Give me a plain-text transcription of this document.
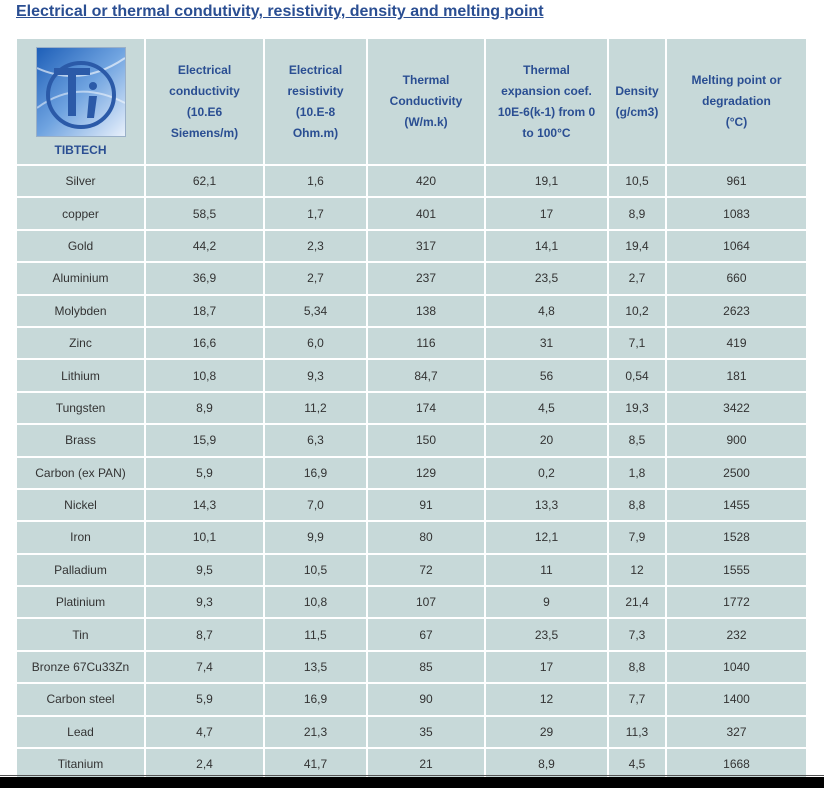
Electrical or thermal condutivity, resistivity, density and melting point
TIBTECH	Electrical
conductivity
(10.E6
Siemens/m)	Electrical
resistivity
(10.E-8
Ohm.m)	Thermal
Conductivity
(W/m.k)	Thermal
expansion coef.
10E-6(k-1) from 0
to 100°C	Density
(g/cm3)	Melting point or
degradation
(°C)

Silver	62,1	1,6	420	19,1	10,5	961
copper	58,5	1,7	401	17	8,9	1083
Gold	44,2	2,3	317	14,1	19,4	1064
Aluminium	36,9	2,7	237	23,5	2,7	660
Molybden	18,7	5,34	138	4,8	10,2	2623
Zinc	16,6	6,0	116	31	7,1	419
Lithium	10,8	9,3	84,7	56	0,54	181
Tungsten	8,9	11,2	174	4,5	19,3	3422
Brass	15,9	6,3	150	20	8,5	900
Carbon (ex PAN)	5,9	16,9	129	0,2	1,8	2500
Nickel	14,3	7,0	91	13,3	8,8	1455
Iron	10,1	9,9	80	12,1	7,9	1528
Palladium	9,5	10,5	72	11	12	1555
Platinium	9,3	10,8	107	9	21,4	1772
Tin	8,7	11,5	67	23,5	7,3	232
Bronze 67Cu33Zn	7,4	13,5	85	17	8,8	1040
Carbon steel	5,9	16,9	90	12	7,7	1400
Lead	4,7	21,3	35	29	11,3	327
Titanium	2,4	41,7	21	8,9	4,5	1668
